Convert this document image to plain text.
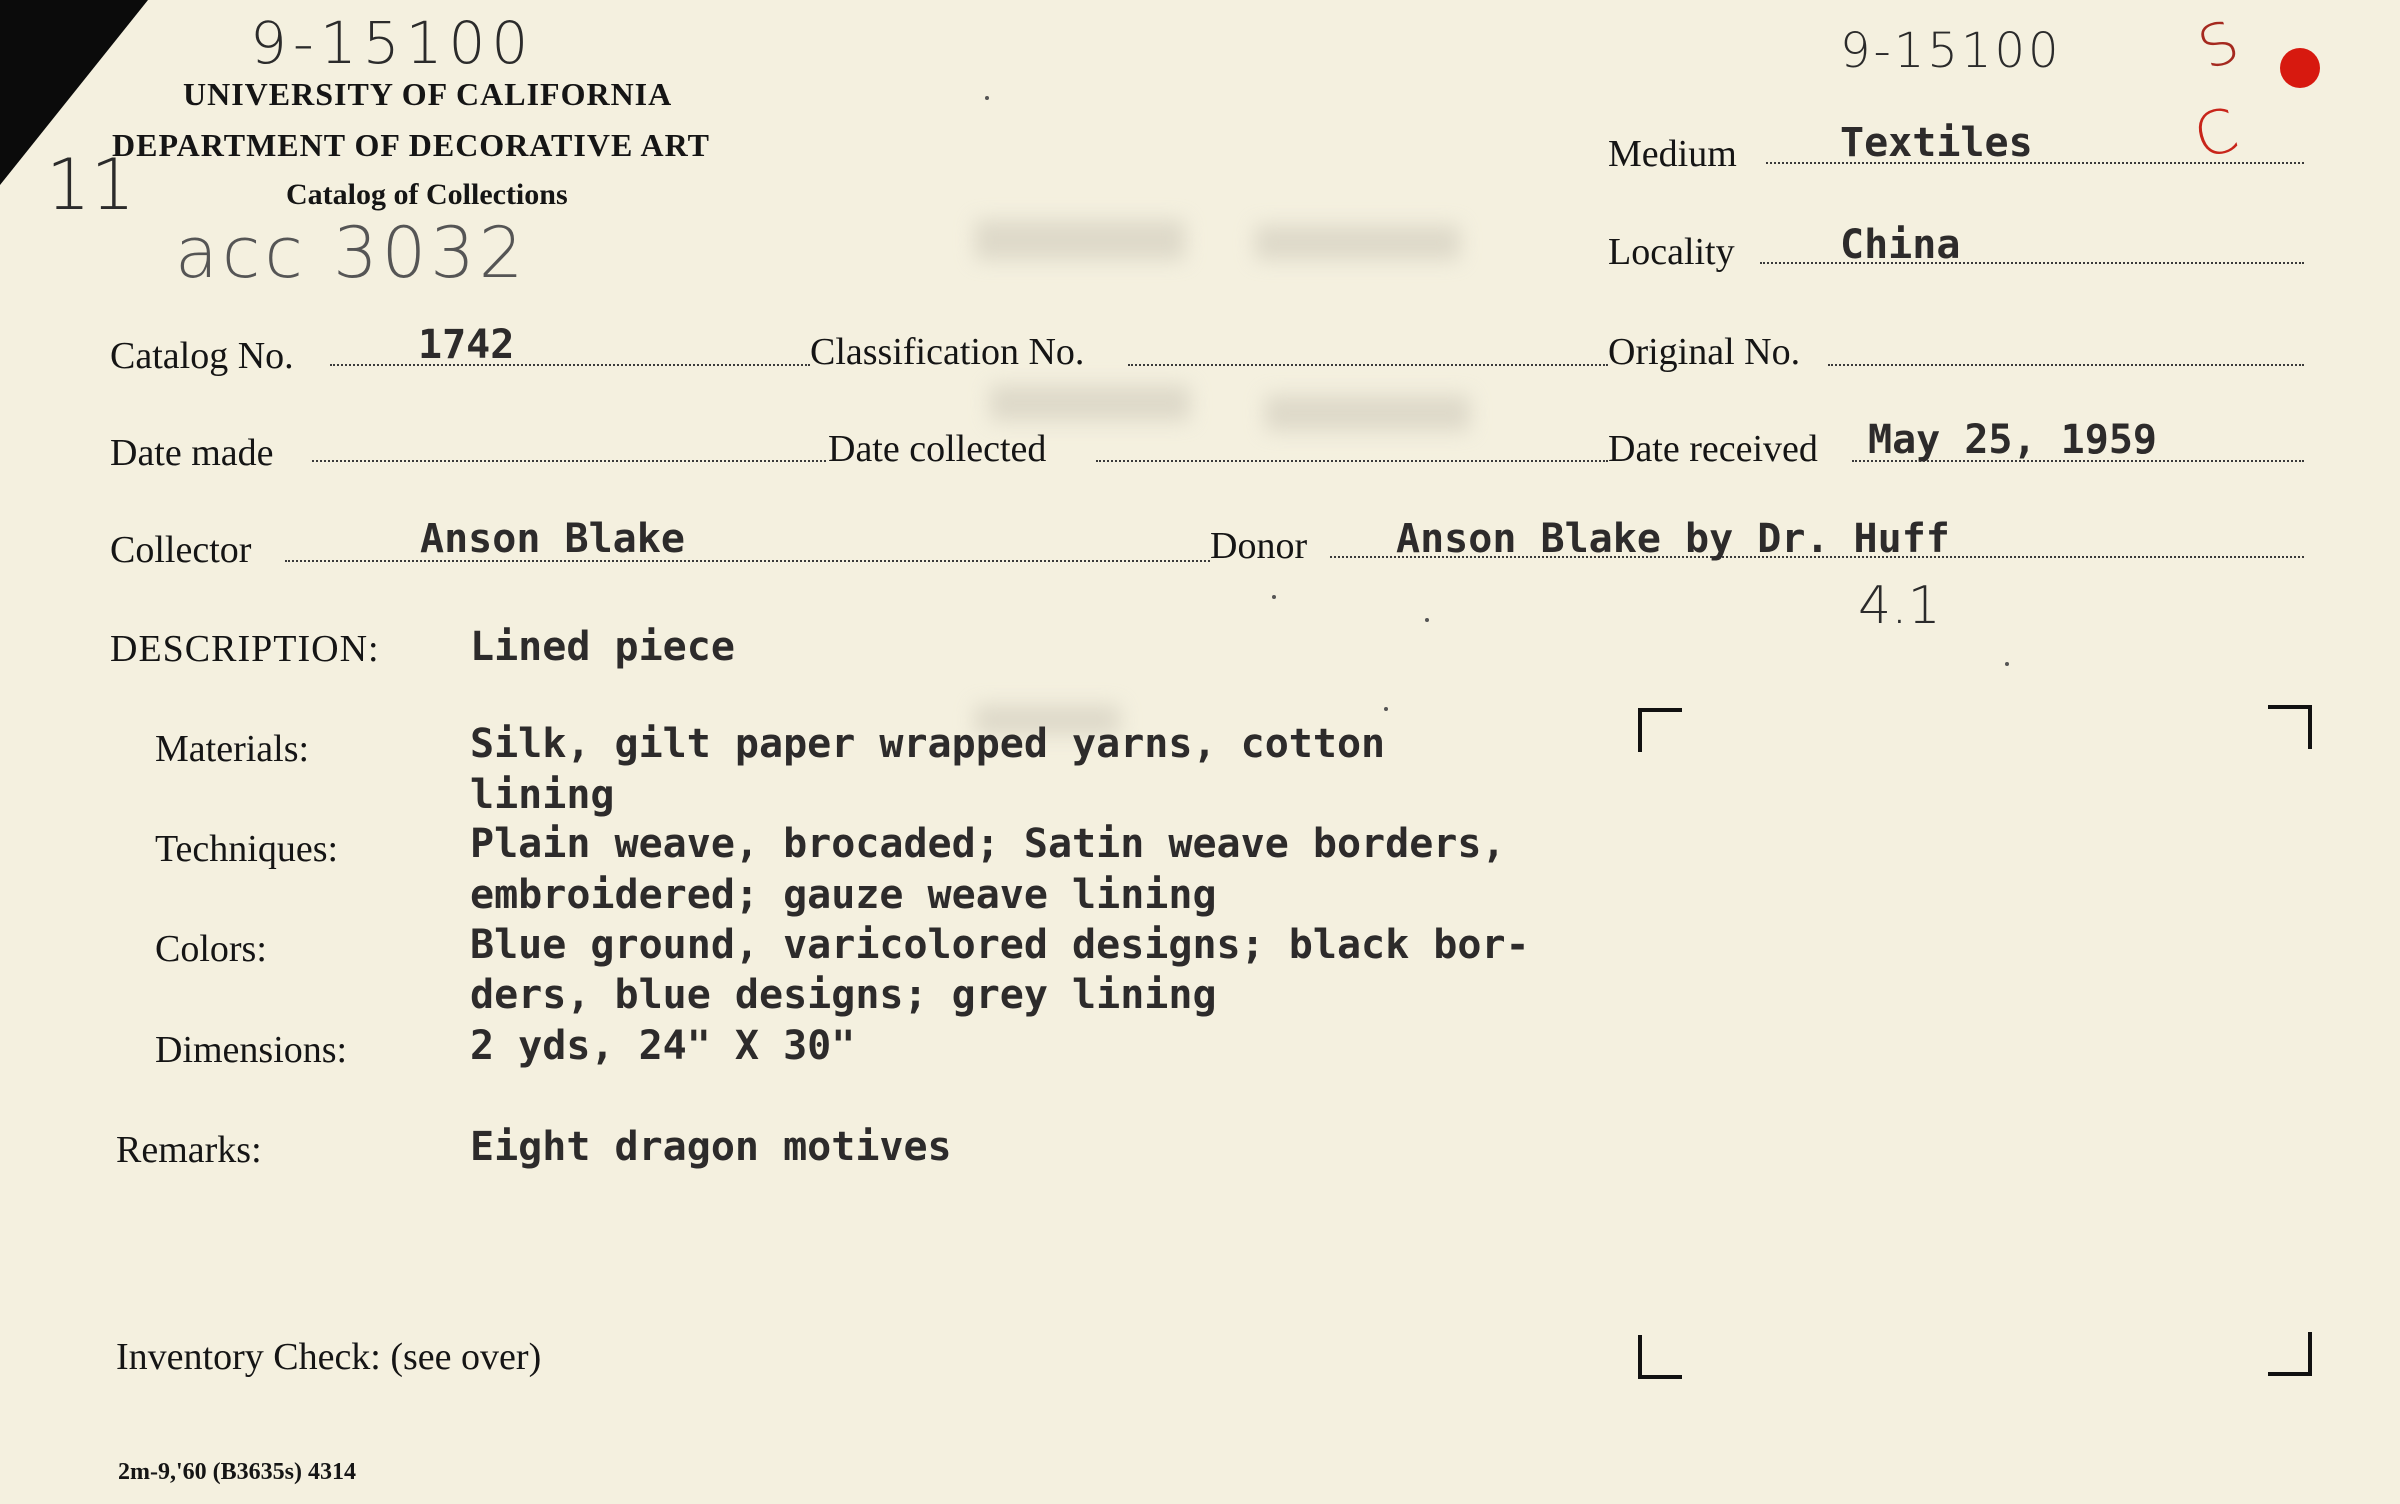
9-15100
UNIVERSITY OF CALIFORNIA
DEPARTMENT OF DECORATIVE ART
Catalog of Collections
11
acc 3032
9-15100 S
C
Medium	Textiles
Locality	China
Catalog No.	1742	Classification No.	Original No.
Date made	Date collected	Date received May 25, 1959
Collector	Anson Blake	Donor Anson Blake by Dr. Huff
4.1
DESCRIPTION: Lined piece
Materials:	Silk, gilt paper wrapped yarns, cotton
lining
Techniques:	Plain weave, brocaded; Satin weave borders,
embroidered; gauze weave lining
Colors:	Blue ground, varicolored designs; black bor-
ders, blue designs; grey lining
Dimensions:	2 yds, 24" X 30"
Remarks:	Eight dragon motives
Inventory Check: (see over)
2m-9,'60 (B3635s) 4314
